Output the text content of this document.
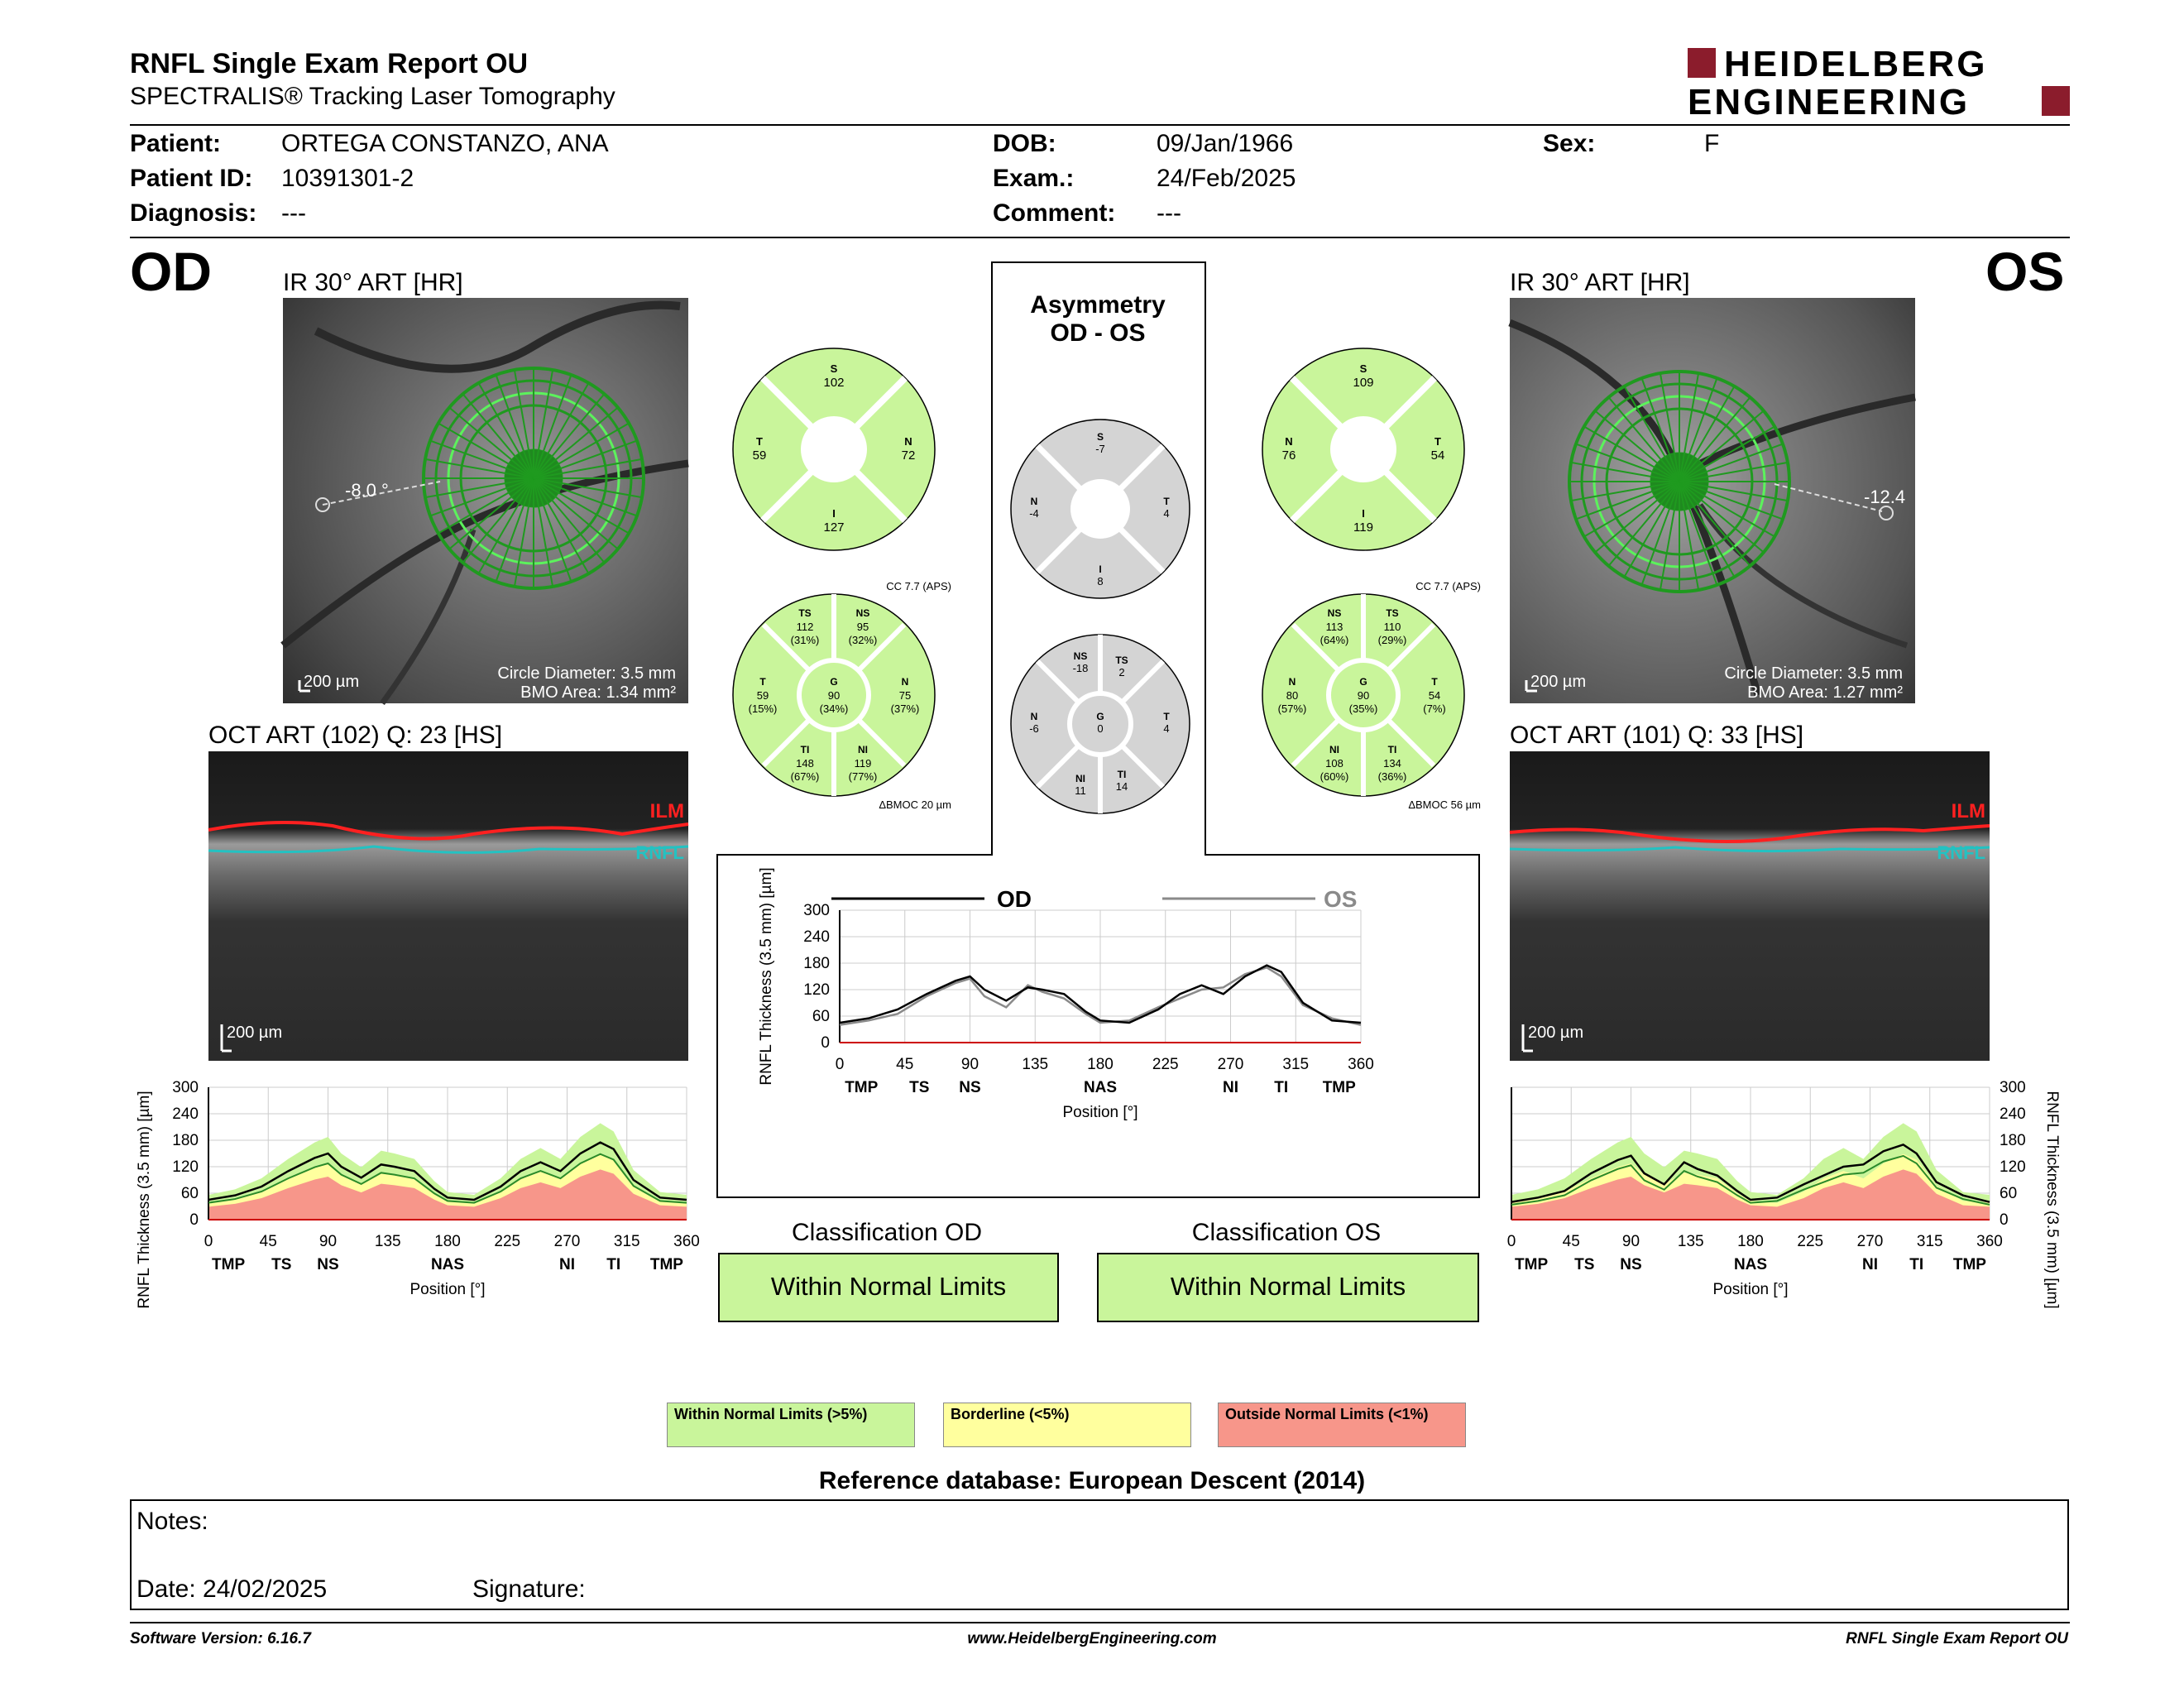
RNFL Single Exam Report OU
SPECTRALIS® Tracking Laser Tomography
HEIDELBERG
ENGINEERING
Patient: ORTEGA CONSTANZO, ANA
Patient ID: 10391301-2
Diagnosis: ---
DOB:	09/Jan/1966
Exam.:	24/Feb/2025
Comment: ---
Sex:	F
OD	OS
IR 30° ART [HR]
-8.0 °
200 µm	Circle Diameter: 3.5 mm
BMO Area: 1.34 mm²
IR 30° ART [HR]
-12.4
200 µm	Circle Diameter: 3.5 mm
BMO Area: 1.27 mm²
OCT ART (102) Q: 23 [HS]
ILM
RNFL
200 µm
OCT ART (101) Q: 33 [HS]
ILM
RNFL
200 µm
Asymmetry
OD - OS
S
102
T
59
N
72
I
127
CC 7.7 (APS)
TS
112
(31%)
NS
95
(32%)
T
59
(15%)
G
90
(34%)
N
75
(37%)
TI
148
(67%)
NI
119
(77%)
ΔBMOC 20 µm
S
-7
N
-4
T
4
I
8
NS
-18
TS
2
N
-6
G
0
T
4
NI
11
TI
14
S
109
N
76
T
54
I
119
CC 7.7 (APS)
NS
113
(64%)
TS
110
(29%)
N
80
(57%)
G
90
(35%)
T
54
(7%)
NI
108
(60%)
TI
134
(36%)
ΔBMOC 56 µm
OD	OS
0
60
120
180
240
300
0	45	90	135 180 225 270 315 360
TMP TS NS	NAS	NI TI TMP
Position [°]
RNFL Thickness (3.5 mm) [µm]
0
60
120
180
240
300
0	45	90 135 180 225 270 315 360
TMP TS NS	NAS	NI TI TMP
Position [°]
RNFL Thickness (3.5 mm) [µm]	0
60
120
180
240
300
0	45	90 135 180 225 270 315 360
TMP TS NS	NAS	NI TI TMP
Position [°]	RNFL Thickness (3.5 mm) [µm]
Classification OD
Within Normal Limits
Classification OS
Within Normal Limits
Within Normal Limits (>5%)	Borderline (<5%)	Outside Normal Limits (<1%)
Reference database: European Descent (2014)
Notes:
Date: 24/02/2025	Signature:
Software Version: 6.16.7	www.HeidelbergEngineering.com	RNFL Single Exam Report OU
